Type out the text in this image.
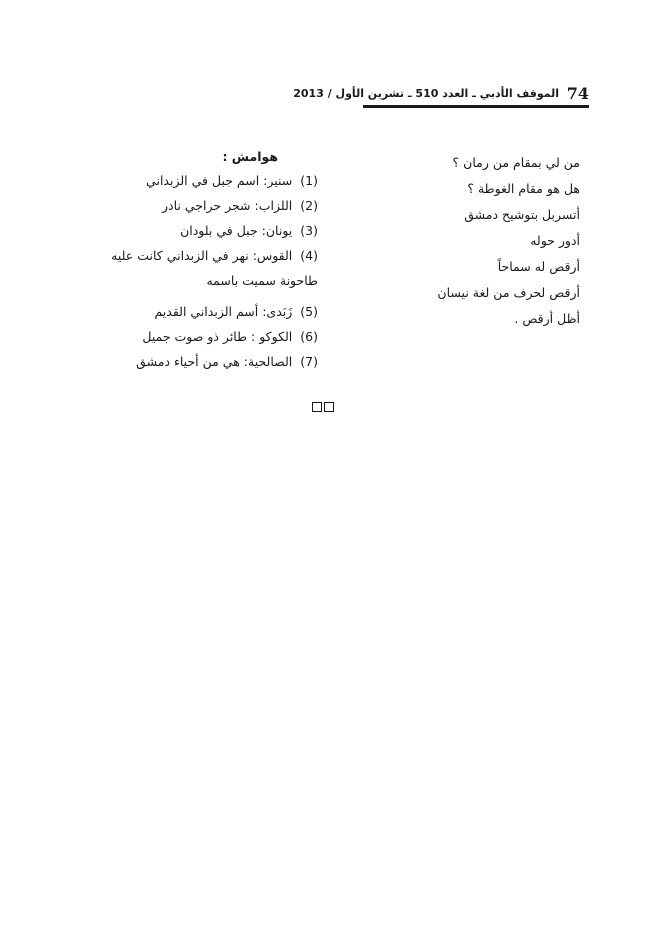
74
الموقف الأدبي ـ العدد 510 ـ تشرين الأول / 2013
من لي بمقام من رمان ؟
هل هو مقام الغوطة ؟
أتسربل بتوشيح دمشق
أدور حوله
أرقص له سماحاً
أرقص لحرف من لغة نيسان
أظل أرقص .
هوامش :
(1) سنير: اسم جبل في الزبداني
(2) اللزاب: شجر حراجي نادر
(3) يونان: جبل في بلودان
(4) القوس: نهر في الزبداني كانت عليه طاحونة سميت باسمه
(5) زَبَدى: أسم الزبداني القديم
(6) الكوكو : طائر ذو صوت جميل
(7) الصالحية: هي من أحياء دمشق
